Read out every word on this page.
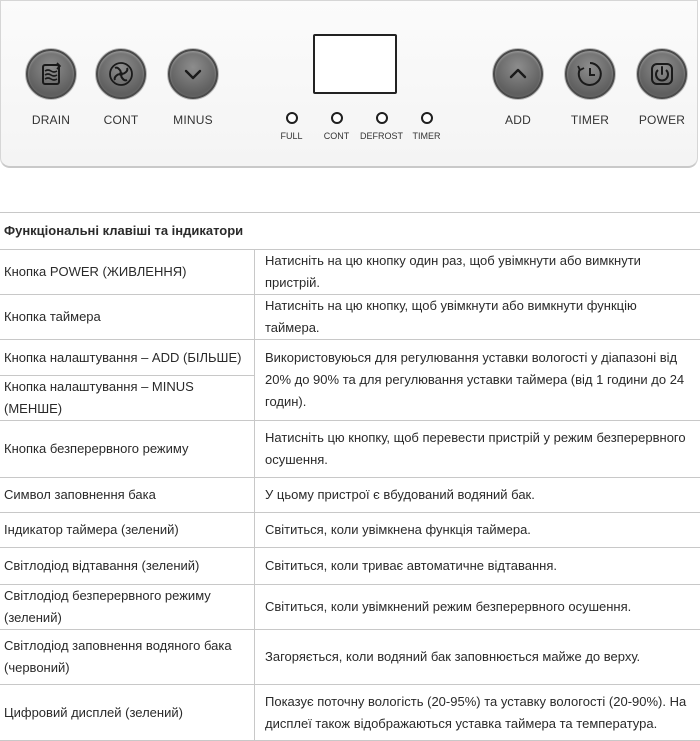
DRAIN	CONT	MINUS
FULL CONT DEFROST TIMER
ADD	TIMER POWER
Функціональні клавіші та індикатори	
Кнопка POWER (ЖИВЛЕННЯ)	Натисніть на цю кнопку один раз, щоб увімкнути або вимкнути пристрій.
Кнопка таймера	Натисніть на цю кнопку, щоб увімкнути або вимкнути функцію таймера.
Кнопка налаштування – ADD (БІЛЬШЕ)	Використовуюься для регулювання уставки вологості у діапазоні від 20% до 90% та для регулювання уставки таймера (від 1 години до 24 годин).
Кнопка налаштування – MINUS (МЕНШЕ)	
Кнопка безперервного режиму	Натисніть цю кнопку, щоб перевести пристрій у режим безперервного осушення.
Символ заповнення бака	У цьому пристрої є вбудований водяний бак.
Індикатор таймера (зелений)	Світиться, коли увімкнена функція таймера.
Світлодіод відтавання (зелений)	Світиться, коли триває автоматичне відтавання.
Світлодіод безперервного режиму (зелений)	Світиться, коли увімкнений режим безперервного осушення.
Світлодіод заповнення водяного бака (червоний)	Загоряється, коли водяний бак заповнюється майже до верху.
Цифровий дисплей (зелений)	Показує поточну вологість (20-95%) та уставку вологості (20-90%). На дисплеї також відображаються уставка таймера та температура.
